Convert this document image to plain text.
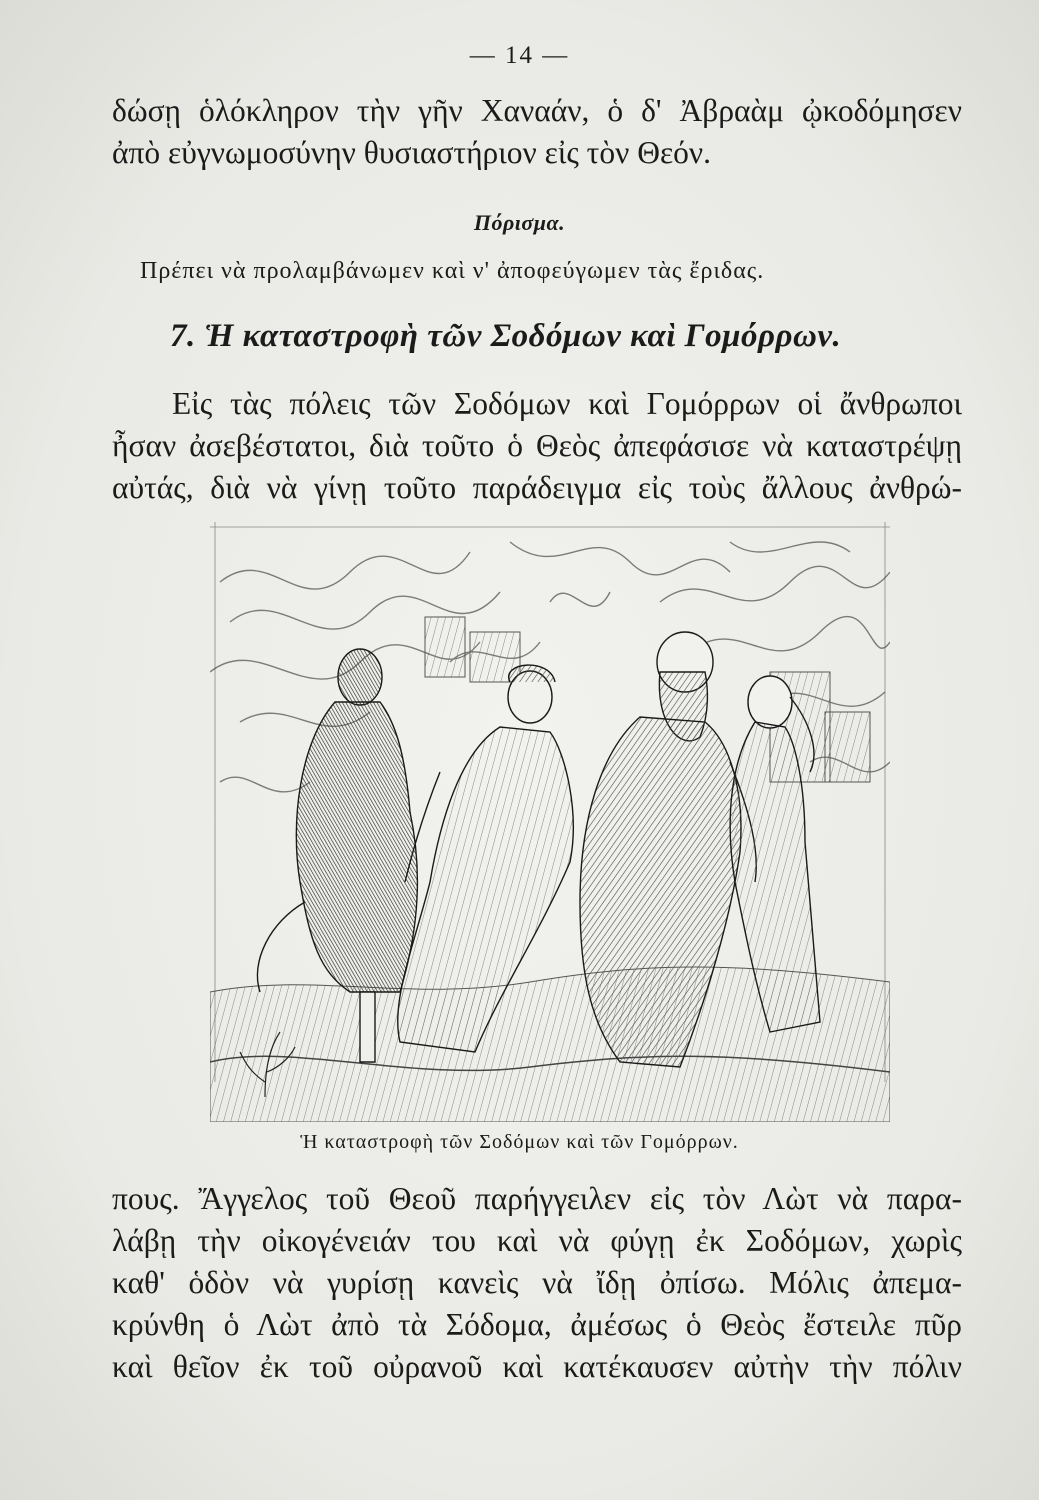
— 14 —
δώσῃ ὁλόκληρον τὴν γῆν Χαναάν, ὁ δ' Ἀβραὰμ ᾠκοδόμησεν
ἀπὸ εὐγνωμοσύνην θυσιαστήριον εἰς τὸν Θεόν.
Πόρισμα.
Πρέπει νὰ προλαμβάνωμεν καὶ ν' ἀποφεύγωμεν τὰς ἔριδας.
7. Ἡ καταστροφὴ τῶν Σοδόμων καὶ Γομόρρων.
Εἰς τὰς πόλεις τῶν Σοδόμων καὶ Γομόρρων οἱ ἄνθρωποι
ἦσαν ἀσεβέστατοι, διὰ τοῦτο ὁ Θεὸς ἀπεφάσισε νὰ καταστρέψῃ
αὐτάς, διὰ νὰ γίνῃ τοῦτο παράδειγμα εἰς τοὺς ἄλλους ἀνθρώ-
Ἡ καταστροφὴ τῶν Σοδόμων καὶ τῶν Γομόρρων.
πους. Ἄγγελος τοῦ Θεοῦ παρήγγειλεν εἰς τὸν Λὼτ νὰ παρα-
λάβῃ τὴν οἰκογένειάν του καὶ νὰ φύγῃ ἐκ Σοδόμων, χωρὶς
καθ' ὁδὸν νὰ γυρίσῃ κανεὶς νὰ ἴδῃ ὀπίσω. Μόλις ἀπεμα-
κρύνθη ὁ Λὼτ ἀπὸ τὰ Σόδομα, ἀμέσως ὁ Θεὸς ἔστειλε πῦρ
καὶ θεῖον ἐκ τοῦ οὐρανοῦ καὶ κατέκαυσεν αὐτὴν τὴν πόλιν
